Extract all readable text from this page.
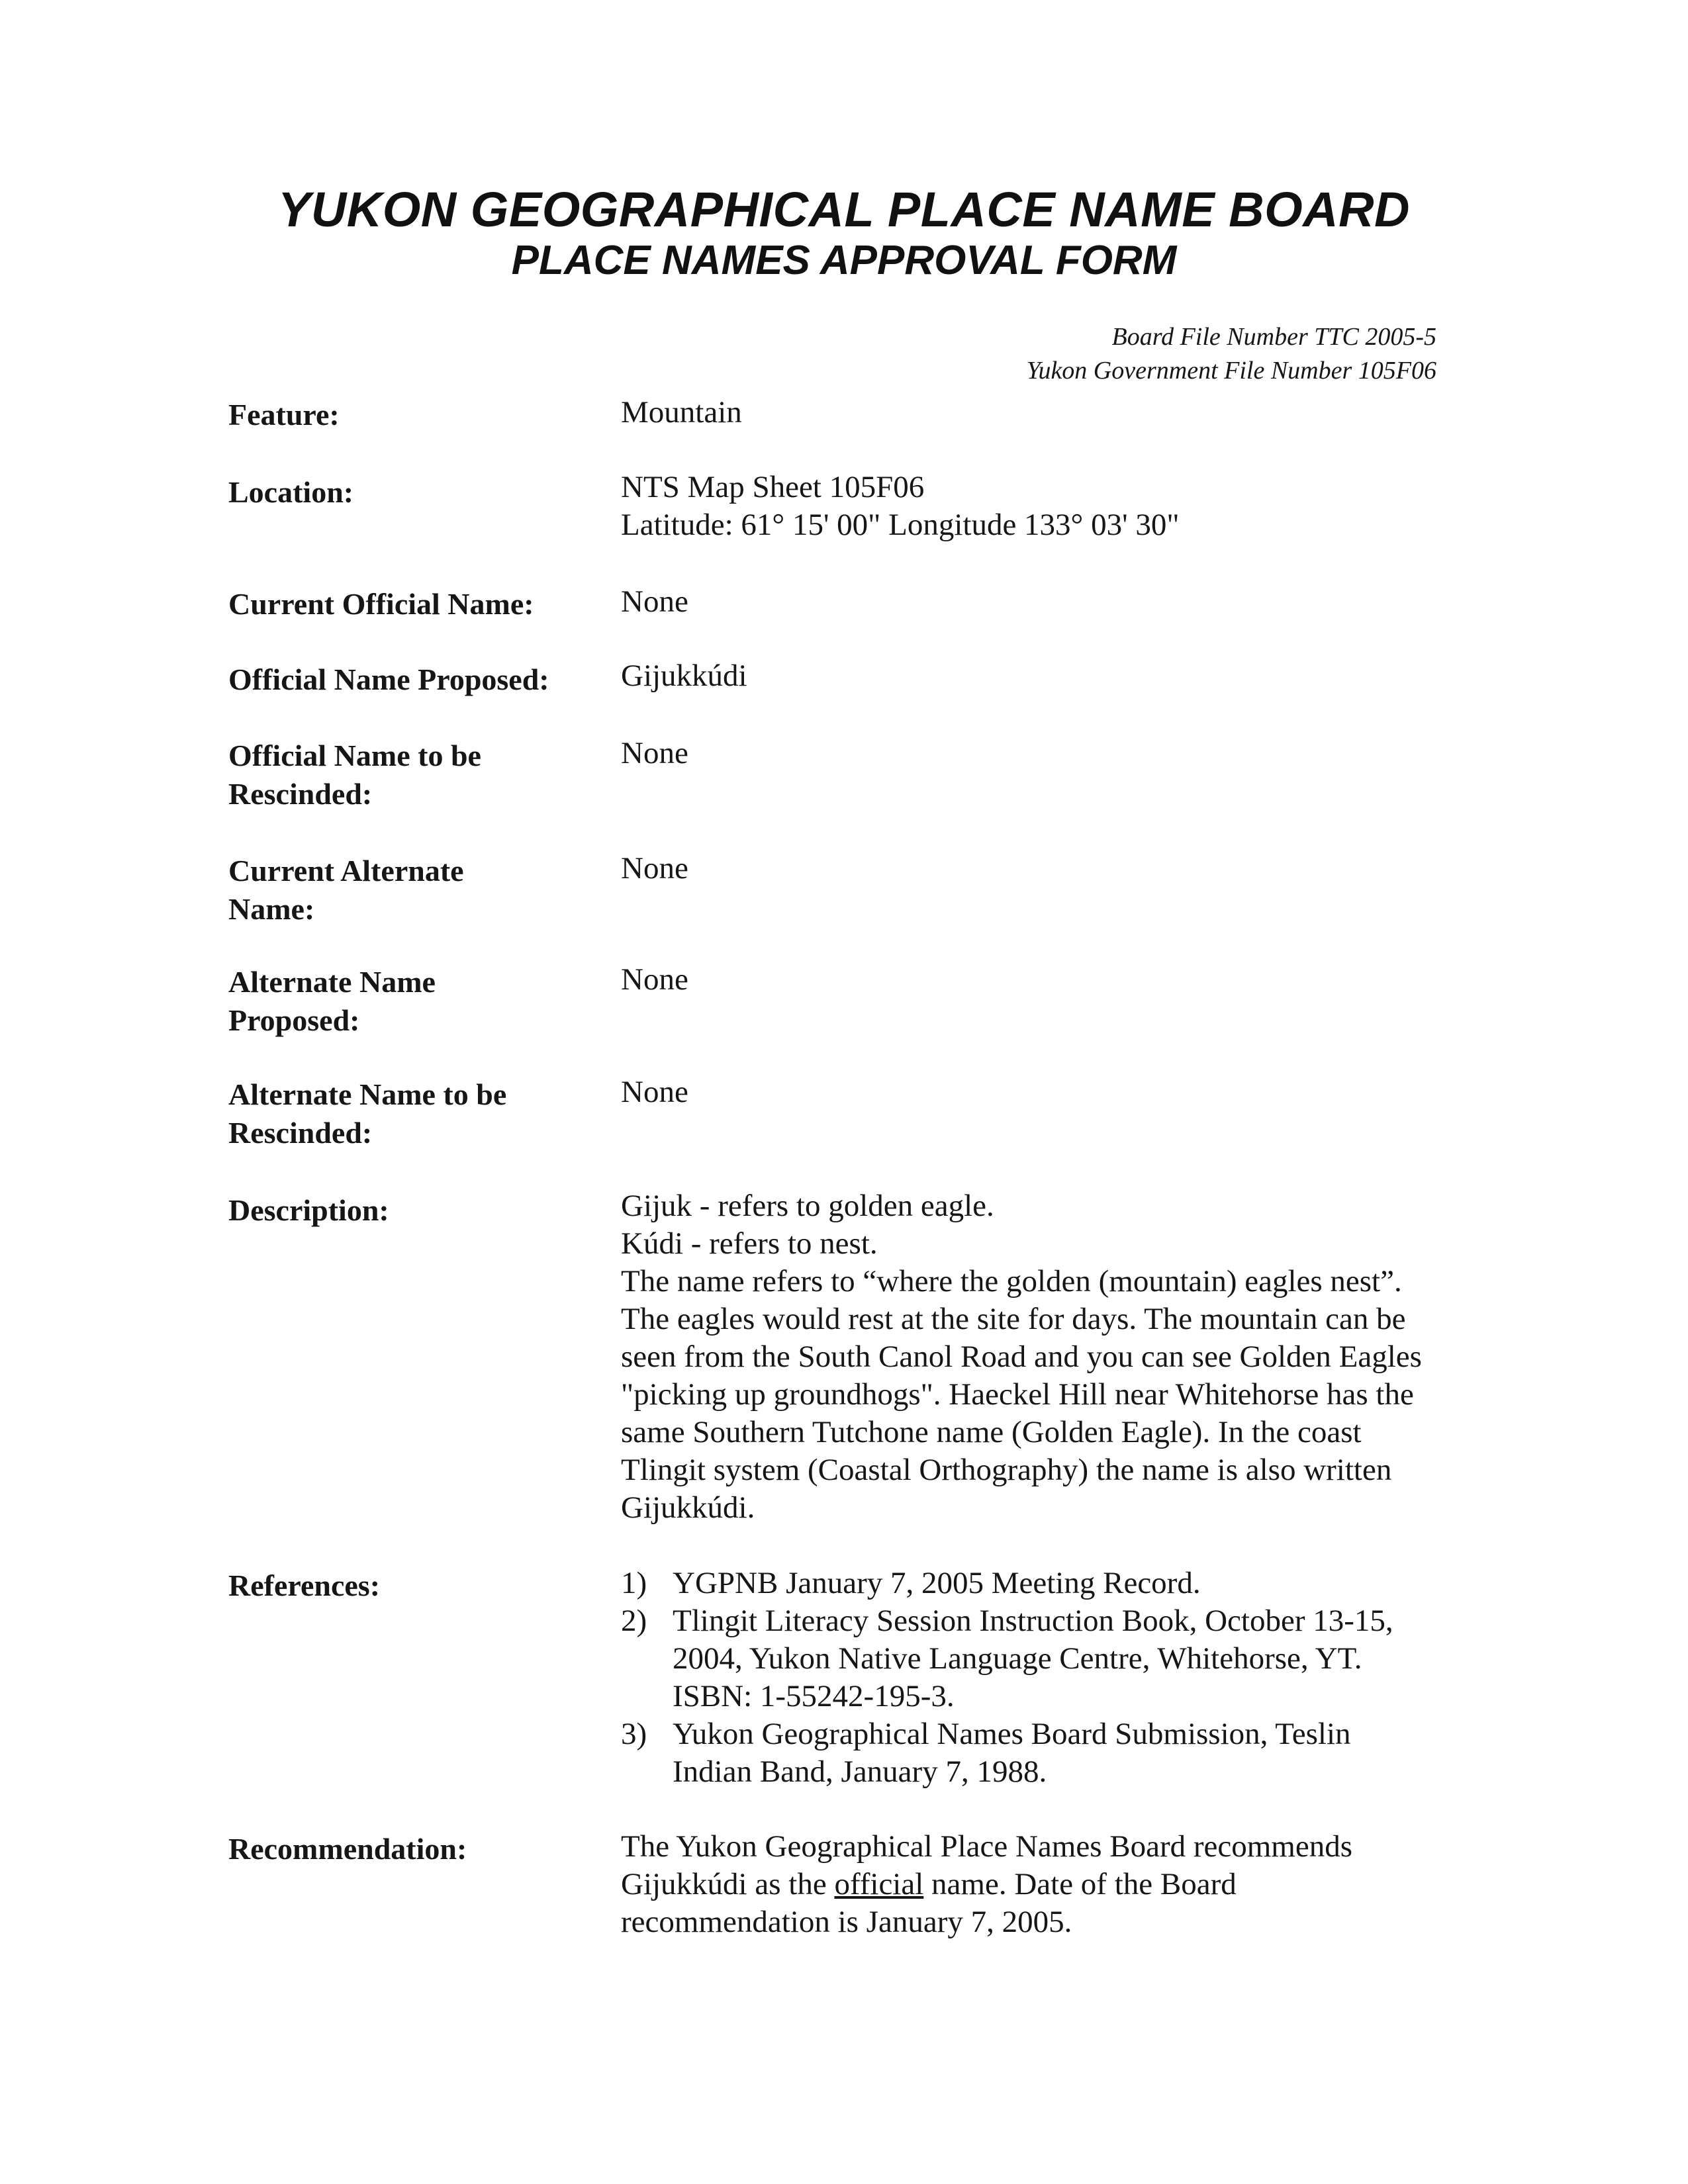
YUKON GEOGRAPHICAL PLACE NAME BOARD
PLACE NAMES APPROVAL FORM
Board File Number TTC 2005-5
Yukon Government File Number 105F06
Feature:	Mountain
Location:	NTS Map Sheet 105F06

Latitude: 61° 15' 00" Longitude 133° 03' 30"

Current Official Name:	None
Official Name Proposed:	Gijukkúdi
Official Name to be Rescinded:
None
Current Alternate Name:
None
Alternate Name Proposed:
None
Alternate Name to be Rescinded:
None
Description:	Gijuk - refers to golden eagle.

Kúdi - refers to nest.

The name refers to “where the golden (mountain) eagles nest”. The eagles would rest at the site for days. The mountain can be seen from the South Canol Road and you can see Golden Eagles "picking up groundhogs". Haeckel Hill near Whitehorse has the same Southern Tutchone name (Golden Eagle). In the coast Tlingit system (Coastal Orthography) the name is also written Gijukkúdi.

References:	1) YGPNB January 7, 2005 Meeting Record.
2) Tlingit Literacy Session Instruction Book, October 13-15, 2004, Yukon Native Language Centre, Whitehorse, YT. ISBN: 1-55242-195-3.
3) Yukon Geographical Names Board Submission, Teslin Indian Band, January 7, 1988.
Recommendation:	The Yukon Geographical Place Names Board recommends Gijukkúdi as the official name. Date of the Board recommendation is January 7, 2005.
